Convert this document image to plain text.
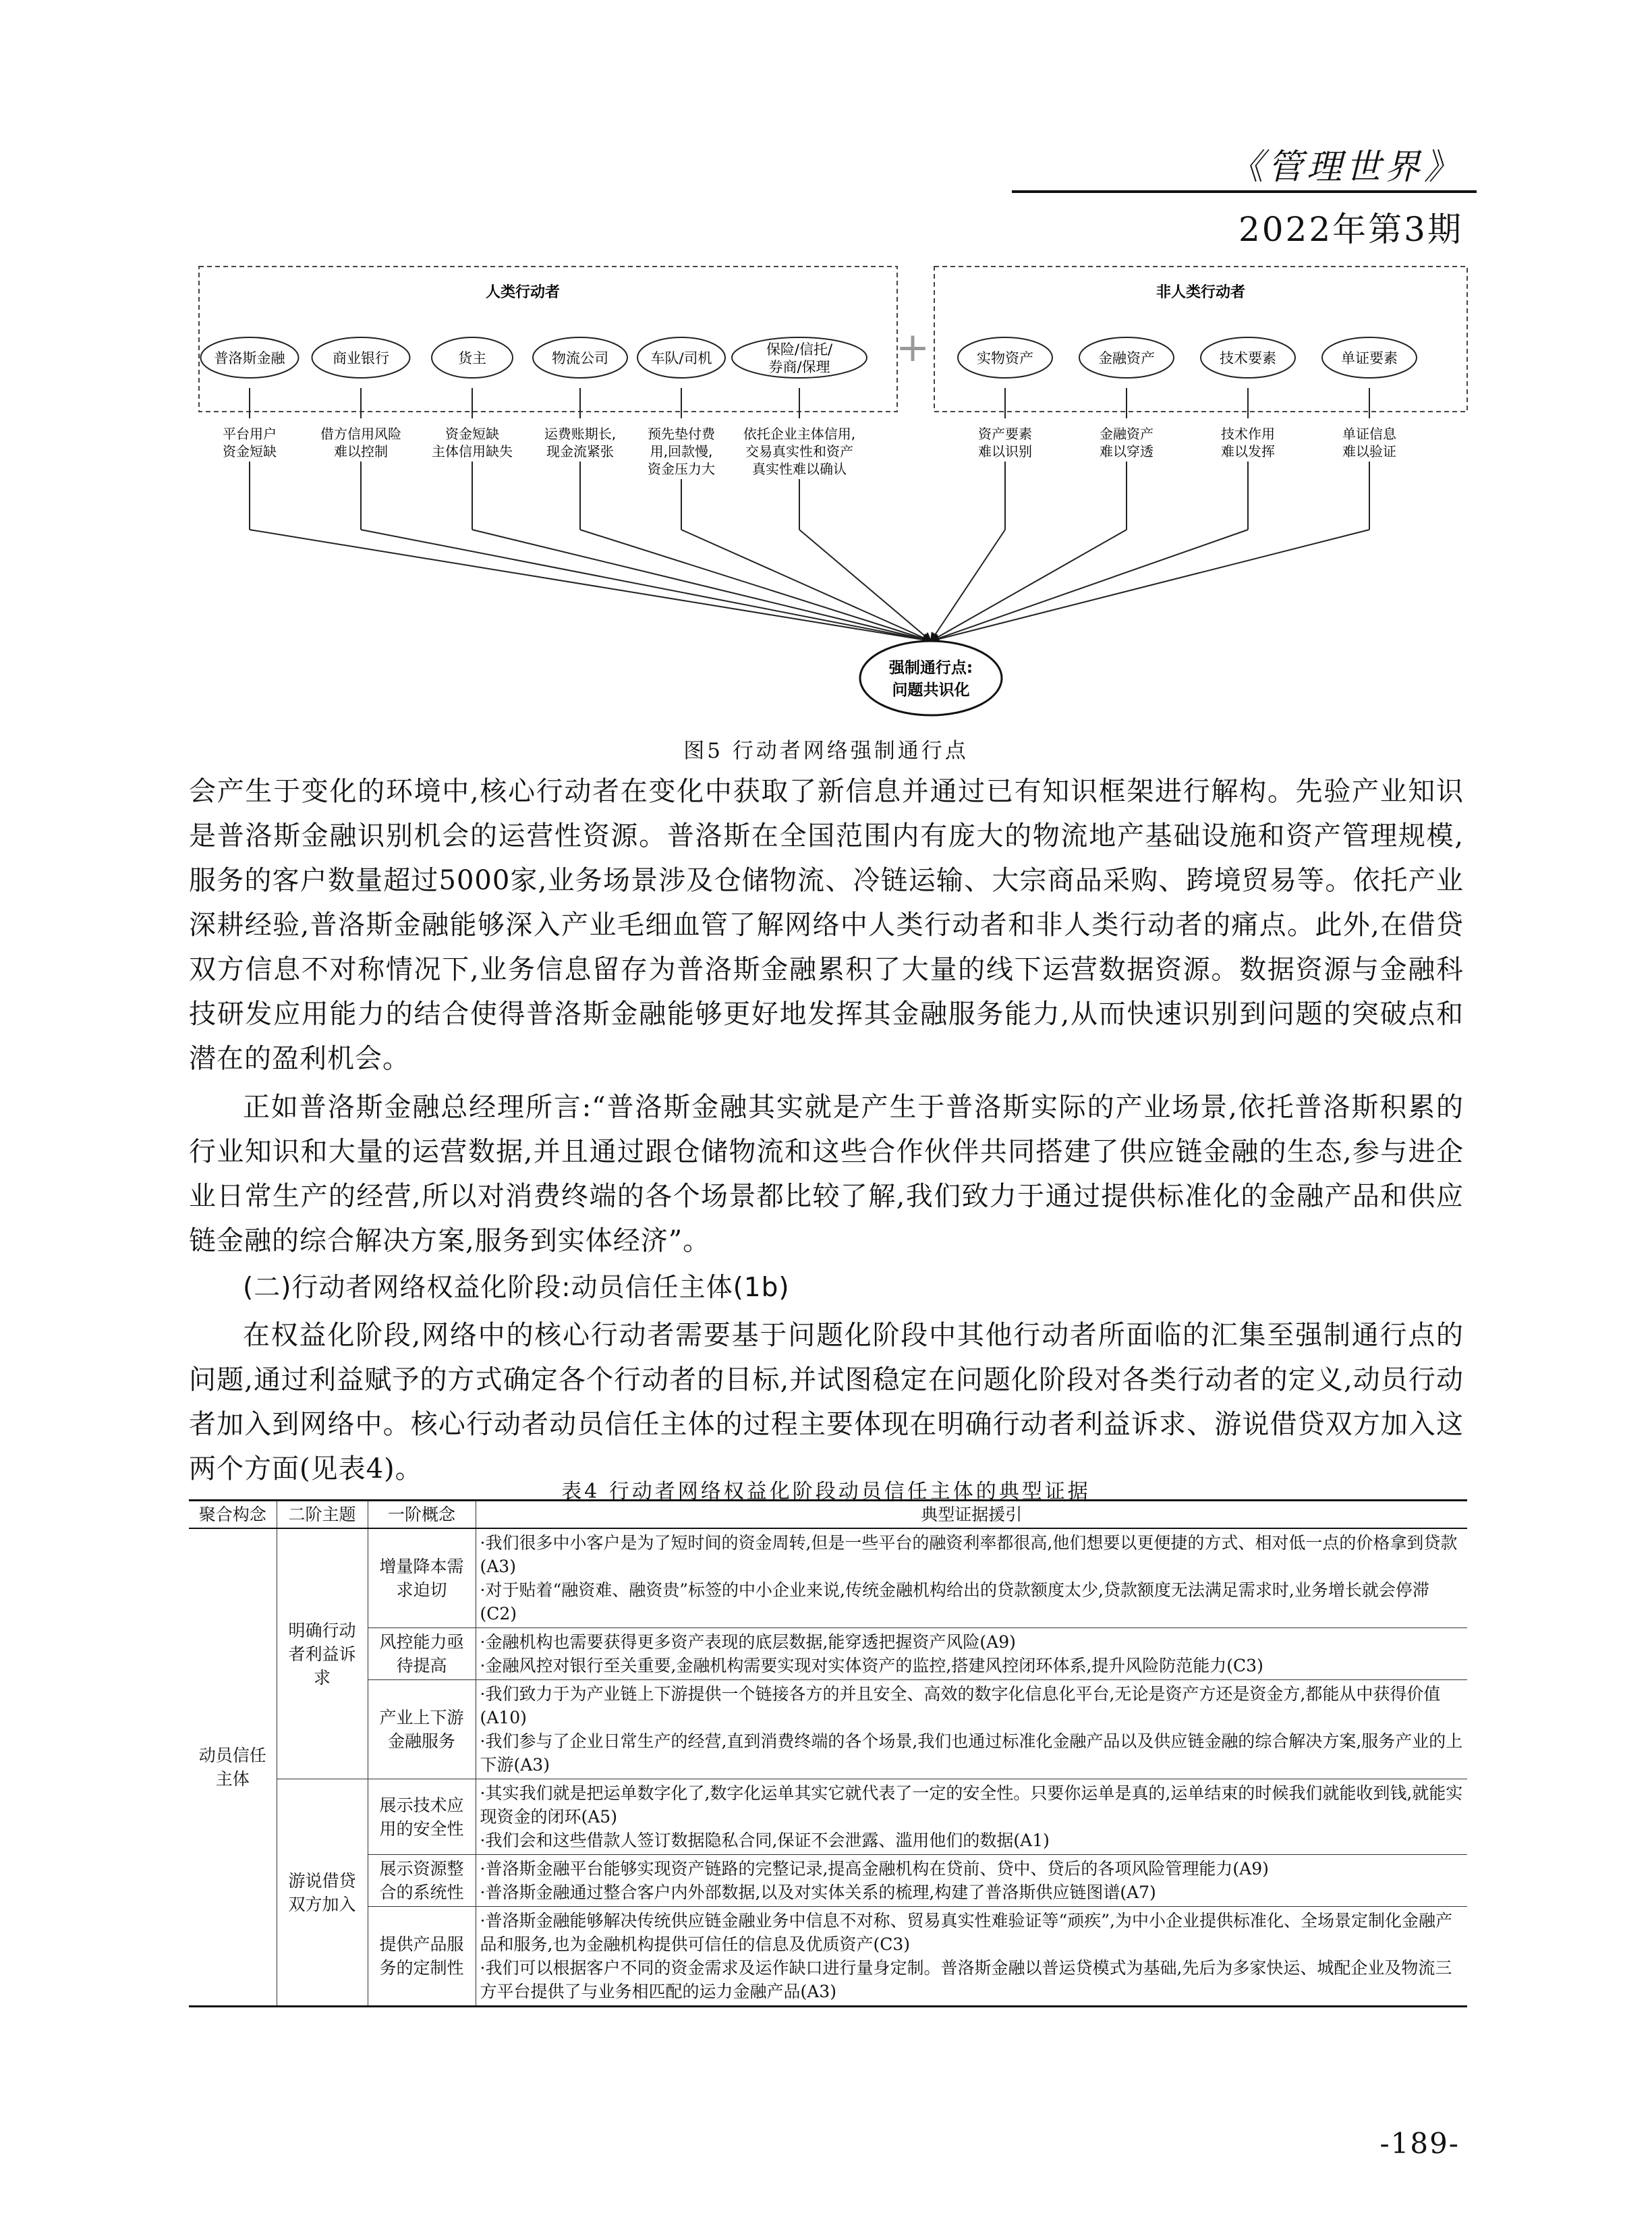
《管理世界》
2022年第3期
人类行动者	非人类行动者
+
平台用户
资金短缺
借方信用风险
难以控制
资金短缺
主体信用缺失
运费账期长,
现金流紧张
预先垫付费
用,回款慢,
资金压力大
依托企业主体信用,
交易真实性和资产
真实性难以确认
资产要素
难以识别
金融资产
难以穿透
技术作用
难以发挥
单证信息
难以验证
普洛斯金融	商业银行	货主	物流公司	车队/司机
保险/信托/
券商/保理
实物资产	金融资产	技术要素	单证要素
强制通行点:
问题共识化
图5 行动者网络强制通行点

会产生于变化的环境中,核心行动者在变化中获取了新信息并通过已有知识框架进行解构。先验产业知识是普洛斯金融识别机会的运营性资源。普洛斯在全国范围内有庞大的物流地产基础设施和资产管理规模,服务的客户数量超过5000家,业务场景涉及仓储物流、冷链运输、大宗商品采购、跨境贸易等。依托产业深耕经验,普洛斯金融能够深入产业毛细血管了解网络中人类行动者和非人类行动者的痛点。此外,在借贷双方信息不对称情况下,业务信息留存为普洛斯金融累积了大量的线下运营数据资源。数据资源与金融科技研发应用能力的结合使得普洛斯金融能够更好地发挥其金融服务能力,从而快速识别到问题的突破点和潜在的盈利机会。

正如普洛斯金融总经理所言:“普洛斯金融其实就是产生于普洛斯实际的产业场景,依托普洛斯积累的行业知识和大量的运营数据,并且通过跟仓储物流和这些合作伙伴共同搭建了供应链金融的生态,参与进企业日常生产的经营,所以对消费终端的各个场景都比较了解,我们致力于通过提供标准化的金融产品和供应链金融的综合解决方案,服务到实体经济”。

(二)行动者网络权益化阶段:动员信任主体(1b)

在权益化阶段,网络中的核心行动者需要基于问题化阶段中其他行动者所面临的汇集至强制通行点的问题,通过利益赋予的方式确定各个行动者的目标,并试图稳定在问题化阶段对各类行动者的定义,动员行动者加入到网络中。核心行动者动员信任主体的过程主要体现在明确行动者利益诉求、游说借贷双方加入这两个方面(见表4)。

表4 行动者网络权益化阶段动员信任主体的典型证据
聚合构念	二阶主题	一阶概念	典型证据援引
动员信任主体	明确行动者利益诉求	增量降本需求迫切	·我们很多中小客户是为了短时间的资金周转,但是一些平台的融资利率都很高,他们想要以更便捷的方式、相对低一点的价格拿到贷款(A3)
·对于贴着“融资难、融资贵”标签的中小企业来说,传统金融机构给出的贷款额度太少,贷款额度无法满足需求时,业务增长就会停滞(C2)
		风控能力亟待提高	·金融机构也需要获得更多资产表现的底层数据,能穿透把握资产风险(A9)
·金融风控对银行至关重要,金融机构需要实现对实体资产的监控,搭建风控闭环体系,提升风险防范能力(C3)
		产业上下游金融服务	·我们致力于为产业链上下游提供一个链接各方的并且安全、高效的数字化信息化平台,无论是资产方还是资金方,都能从中获得价值(A10)
·我们参与了企业日常生产的经营,直到消费终端的各个场景,我们也通过标准化金融产品以及供应链金融的综合解决方案,服务产业的上下游(A3)
	游说借贷双方加入	展示技术应用的安全性	·其实我们就是把运单数字化了,数字化运单其实它就代表了一定的安全性。只要你运单是真的,运单结束的时候我们就能收到钱,就能实现资金的闭环(A5)
·我们会和这些借款人签订数据隐私合同,保证不会泄露、滥用他们的数据(A1)
		展示资源整合的系统性	·普洛斯金融平台能够实现资产链路的完整记录,提高金融机构在贷前、贷中、贷后的各项风险管理能力(A9)
·普洛斯金融通过整合客户内外部数据,以及对实体关系的梳理,构建了普洛斯供应链图谱(A7)
		提供产品服务的定制性	·普洛斯金融能够解决传统供应链金融业务中信息不对称、贸易真实性难验证等“顽疾”,为中小企业提供标准化、全场景定制化金融产品和服务,也为金融机构提供可信任的信息及优质资产(C3)
·我们可以根据客户不同的资金需求及运作缺口进行量身定制。普洛斯金融以普运贷模式为基础,先后为多家快运、城配企业及物流三方平台提供了与业务相匹配的运力金融产品(A3)
-189-
